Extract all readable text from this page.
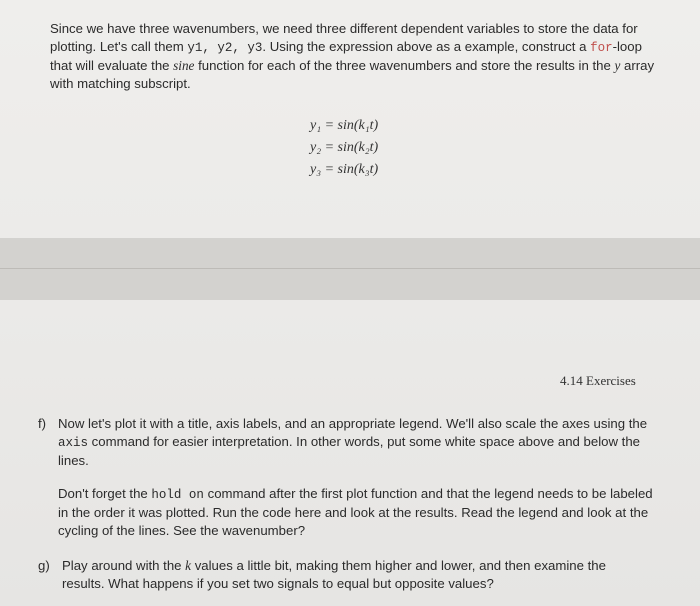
Since we have three wavenumbers, we need three different dependent variables to store the data for plotting. Let's call them y1, y2, y3. Using the expression above as a example, construct a for-loop that will evaluate the sine function for each of the three wavenumbers and store the results in the y array with matching subscript.
y₁ = sin(k₁t)
y₂ = sin(k₂t)
y₃ = sin(k₃t)
4.14 Exercises
f) Now let's plot it with a title, axis labels, and an appropriate legend. We'll also scale the axes using the axis command for easier interpretation. In other words, put some white space above and below the lines.
Don't forget the hold on command after the first plot function and that the legend needs to be labeled in the order it was plotted. Run the code here and look at the results. Read the legend and look at the cycling of the lines. See the wavenumber?
g) Play around with the k values a little bit, making them higher and lower, and then examine the results. What happens if you set two signals to equal but opposite values?
